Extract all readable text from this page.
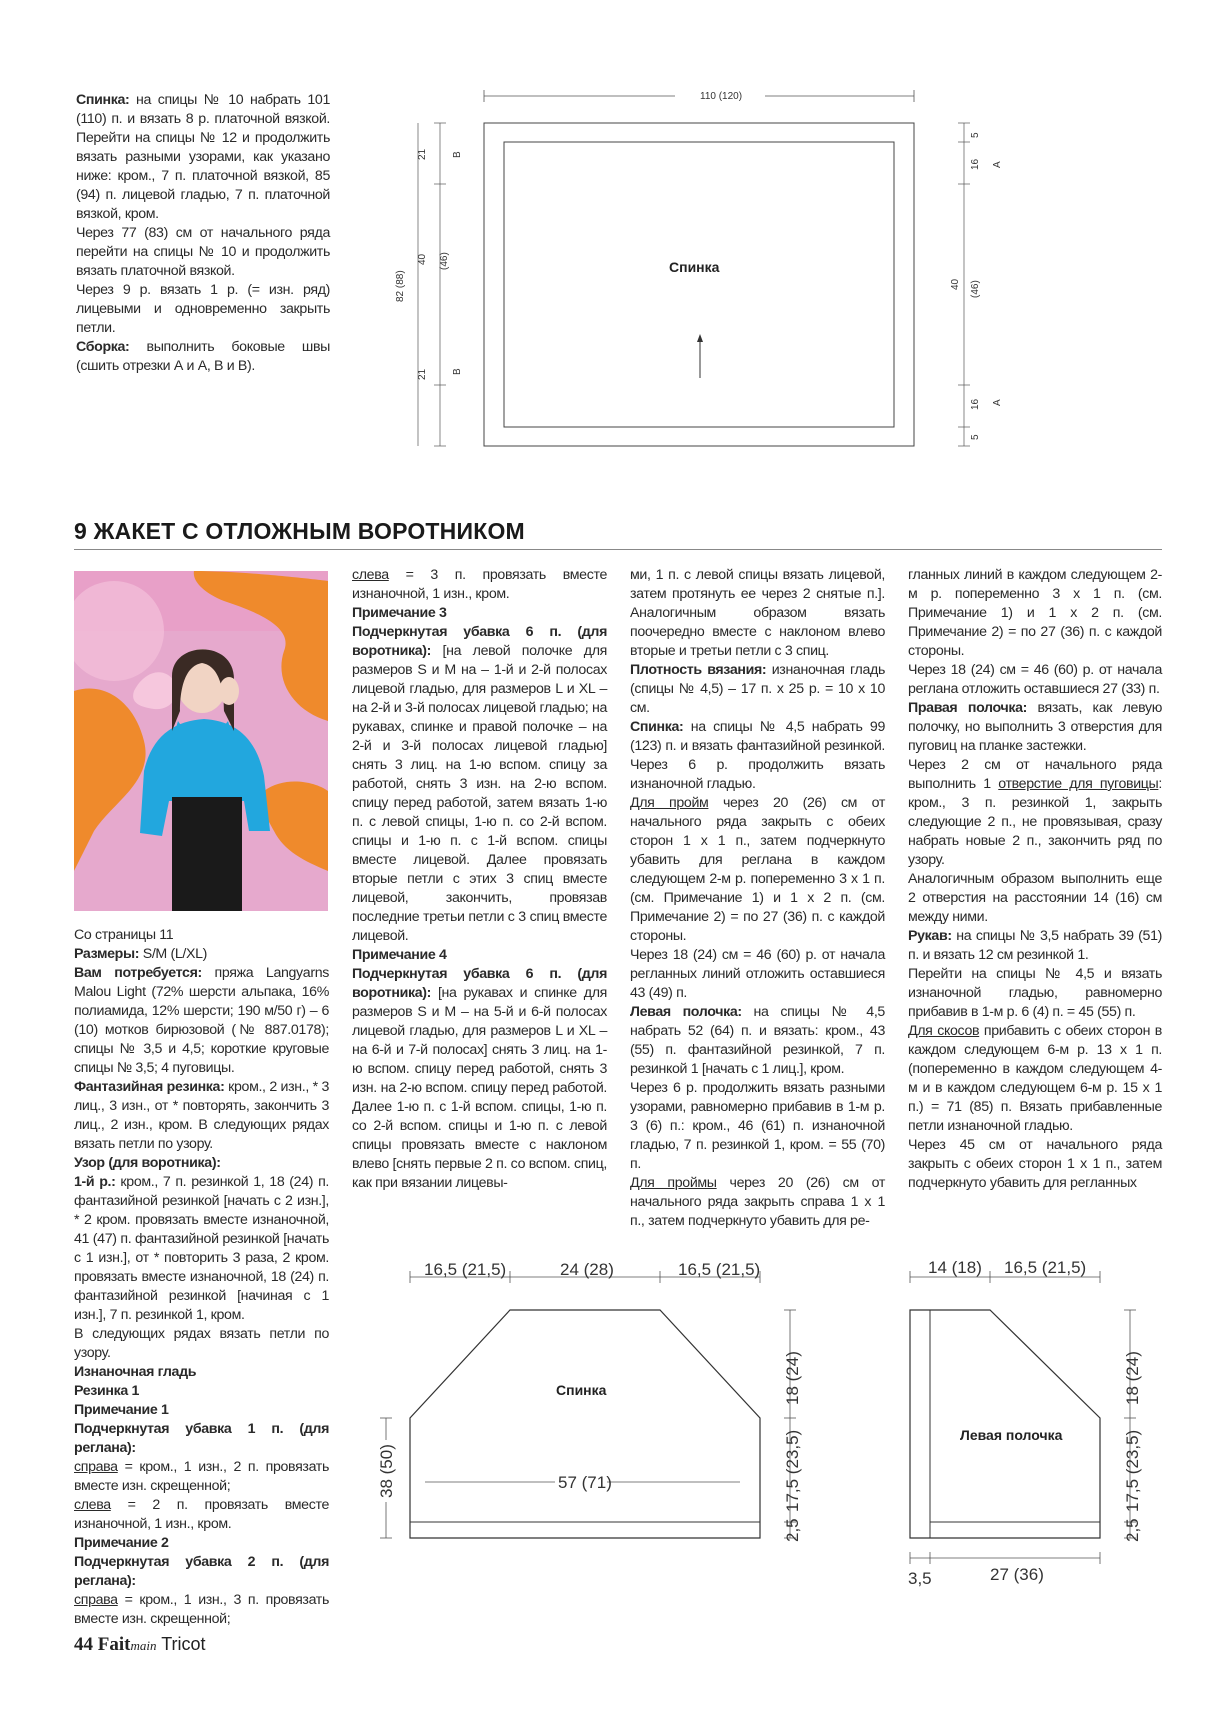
Спинка: на спицы № 10 набрать 101 (110) п. и вязать 8 р. платочной вязкой. Перейти на спицы № 12 и продолжить вязать разными узорами, как указано ниже: кром., 7 п. платочной вязкой, 85 (94) п. лицевой гладью, 7 п. платочной вязкой, кром.

Через 77 (83) см от начального ряда перейти на спицы № 10 и продолжить вязать платочной вязкой.

Через 9 р. вязать 1 р. (= изн. ряд) лицевыми и одновременно закрыть петли.

Сборка: выполнить боковые швы (сшить отрезки А и А, В и В).

110 (120)
Спинка
21
40 (46)
21
82 (88)
B
B
5
16
40 (46)
16
5
A
A
9 ЖАКЕТ С ОТЛОЖНЫМ ВОРОТНИКОМ

Со страницы 11

Размеры: S/M (L/XL)

Вам потребуется: пряжа Langyarns Malou Light (72% шерсти альпака, 16% полиамида, 12% шерсти; 190 м/50 г) – 6 (10) мотков бирюзовой (№ 887.0178); спицы № 3,5 и 4,5; короткие круговые спицы № 3,5; 4 пуговицы.

Фантазийная резинка: кром., 2 изн., * 3 лиц., 3 изн., от * повторять, закончить 3 лиц., 2 изн., кром. В следующих рядах вязать петли по узору.

Узор (для воротника):

1-й р.: кром., 7 п. резинкой 1, 18 (24) п. фантазийной резинкой [начать с 2 изн.], * 2 кром. провязать вместе изнаночной, 41 (47) п. фантазийной резинкой [начать с 1 изн.], от * повторить 3 раза, 2 кром. провязать вместе изнаночной, 18 (24) п. фантазийной резинкой [начиная с 1 изн.], 7 п. резинкой 1, кром.

В следующих рядах вязать петли по узору.

Изнаночная гладь

Резинка 1

Примечание 1

Подчеркнутая убавка 1 п. (для реглана):

справа = кром., 1 изн., 2 п. провязать вместе изн. скрещенной;

слева = 2 п. провязать вместе изнаночной, 1 изн., кром.

Примечание 2

Подчеркнутая убавка 2 п. (для реглана):

справа = кром., 1 изн., 3 п. провязать вместе изн. скрещенной;

слева = 3 п. провязать вместе изнаночной, 1 изн., кром.

Примечание 3

Подчеркнутая убавка 6 п. (для воротника): [на левой полочке для размеров S и M на – 1-й и 2-й полосах лицевой гладью, для размеров L и XL – на 2-й и 3-й полосах лицевой гладью; на рукавах, спинке и правой полочке – на 2-й и 3-й полосах лицевой гладью] снять 3 лиц. на 1-ю вспом. спицу за работой, снять 3 изн. на 2-ю вспом. спицу перед работой, затем вязать 1-ю п. с левой спицы, 1-ю п. со 2-й вспом. спицы и 1-ю п. с 1-й вспом. спицы вместе лицевой. Далее провязать вторые петли с этих 3 спиц вместе лицевой, закончить, провязав последние третьи петли с 3 спиц вместе лицевой.

Примечание 4

Подчеркнутая убавка 6 п. (для воротника): [на рукавах и спинке для размеров S и M – на 5-й и 6-й полосах лицевой гладью, для размеров L и XL – на 6-й и 7-й полосах] снять 3 лиц. на 1-ю вспом. спицу перед работой, снять 3 изн. на 2-ю вспом. спицу перед работой. Далее 1-ю п. с 1-й вспом. спицы, 1-ю п. со 2-й вспом. спицы и 1-ю п. с левой спицы провязать вместе с наклоном влево [снять первые 2 п. со вспом. спиц, как при вязании лицевы-

ми, 1 п. с левой спицы вязать лицевой, затем протянуть ее через 2 снятые п.]. Аналогичным образом вязать поочередно вместе с наклоном влево вторые и третьи петли с 3 спиц.

Плотность вязания: изнаночная гладь (спицы № 4,5) – 17 п. х 25 р. = 10 х 10 см.

Спинка: на спицы № 4,5 набрать 99 (123) п. и вязать фантазийной резинкой. Через 6 р. продолжить вязать изнаночной гладью.

Для пройм через 20 (26) см от начального ряда закрыть с обеих сторон 1 х 1 п., затем подчеркнуто убавить для реглана в каждом следующем 2-м р. попеременно 3 х 1 п. (см. Примечание 1) и 1 х 2 п. (см. Примечание 2) = по 27 (36) п. с каждой стороны.

Через 18 (24) см = 46 (60) р. от начала регланных линий отложить оставшиеся 43 (49) п.

Левая полочка: на спицы № 4,5 набрать 52 (64) п. и вязать: кром., 43 (55) п. фантазийной резинкой, 7 п. резинкой 1 [начать с 1 лиц.], кром.

Через 6 р. продолжить вязать разными узорами, равномерно прибавив в 1-м р. 3 (6) п.: кром., 46 (61) п. изнаночной гладью, 7 п. резинкой 1, кром. = 55 (70) п.

Для проймы через 20 (26) см от начального ряда закрыть справа 1 х 1 п., затем подчеркнуто убавить для ре-

гланных линий в каждом следующем 2-м р. попеременно 3 х 1 п. (см. Примечание 1) и 1 х 2 п. (см. Примечание 2) = по 27 (36) п. с каждой стороны.

Через 18 (24) см = 46 (60) р. от начала реглана отложить оставшиеся 27 (33) п.

Правая полочка: вязать, как левую полочку, но выполнить 3 отверстия для пуговиц на планке застежки.

Через 2 см от начального ряда выполнить 1 отверстие для пуговицы: кром., 3 п. резинкой 1, закрыть следующие 2 п., не провязывая, сразу набрать новые 2 п., закончить ряд по узору.

Аналогичным образом выполнить еще 2 отверстия на расстоянии 14 (16) см между ними.

Рукав: на спицы № 3,5 набрать 39 (51) п. и вязать 12 см резинкой 1.

Перейти на спицы № 4,5 и вязать изнаночной гладью, равномерно прибавив в 1-м р. 6 (4) п. = 45 (55) п.

Для скосов прибавить с обеих сторон в каждом следующем 6-м р. 13 х 1 п. (попеременно в каждом следующем 4-м и в каждом следующем 6-м р. 15 х 1 п.) = 71 (85) п. Вязать прибавленные петли изнаночной гладью.

Через 45 см от начального ряда закрыть с обеих сторон 1 х 1 п., затем подчеркнуто убавить для регланных

16,5 (21,5)	24 (28)	16,5 (21,5)
Спинка
57 (71)
38 (50)
18 (24)
17,5 (23,5)
2,5
14 (18) 16,5 (21,5)
Левая полочка
18 (24)
17,5 (23,5)
2,5
3,5	27 (36)
44 Faitmain Tricot
